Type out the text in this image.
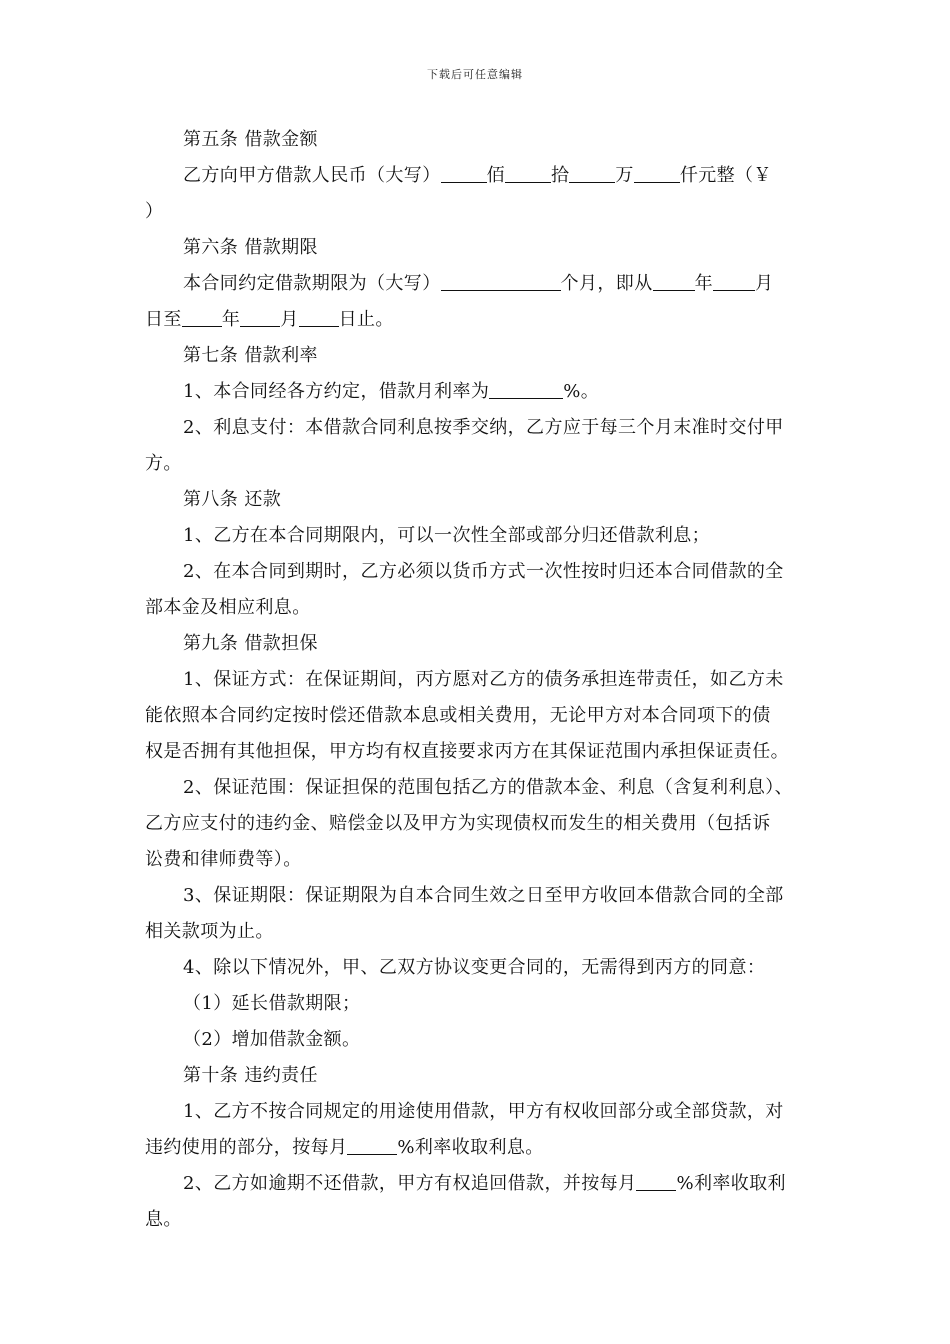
下载后可任意编辑
第五条 借款金额
乙方向甲方借款人民币（大写）	佰	拾	万	仟元整（￥
）
第六条 借款期限
本合同约定借款期限为（大写）	个月，即从 年 月
日至 年 月 日止。
第七条 借款利率
1、本合同经各方约定，借款月利率为	%。
2、利息支付：本借款合同利息按季交纳，乙方应于每三个月末准时交付甲
方。
第八条 还款
1、乙方在本合同期限内，可以一次性全部或部分归还借款利息；
2、在本合同到期时，乙方必须以货币方式一次性按时归还本合同借款的全
部本金及相应利息。
第九条 借款担保
1、保证方式：在保证期间，丙方愿对乙方的债务承担连带责任，如乙方未
能依照本合同约定按时偿还借款本息或相关费用，无论甲方对本合同项下的债
权是否拥有其他担保，甲方均有权直接要求丙方在其保证范围内承担保证责任。
2、保证范围：保证担保的范围包括乙方的借款本金、利息（含复利利息）、
乙方应支付的违约金、赔偿金以及甲方为实现债权而发生的相关费用（包括诉
讼费和律师费等）。
3、保证期限：保证期限为自本合同生效之日至甲方收回本借款合同的全部
相关款项为止。
4、除以下情况外，甲、乙双方协议变更合同的，无需得到丙方的同意：
（1）延长借款期限；
（2）增加借款金额。
第十条 违约责任
1、乙方不按合同规定的用途使用借款，甲方有权收回部分或全部贷款，对
违约使用的部分，按每月	%利率收取利息。
2、乙方如逾期不还借款，甲方有权追回借款，并按每月 %利率收取利
息。
